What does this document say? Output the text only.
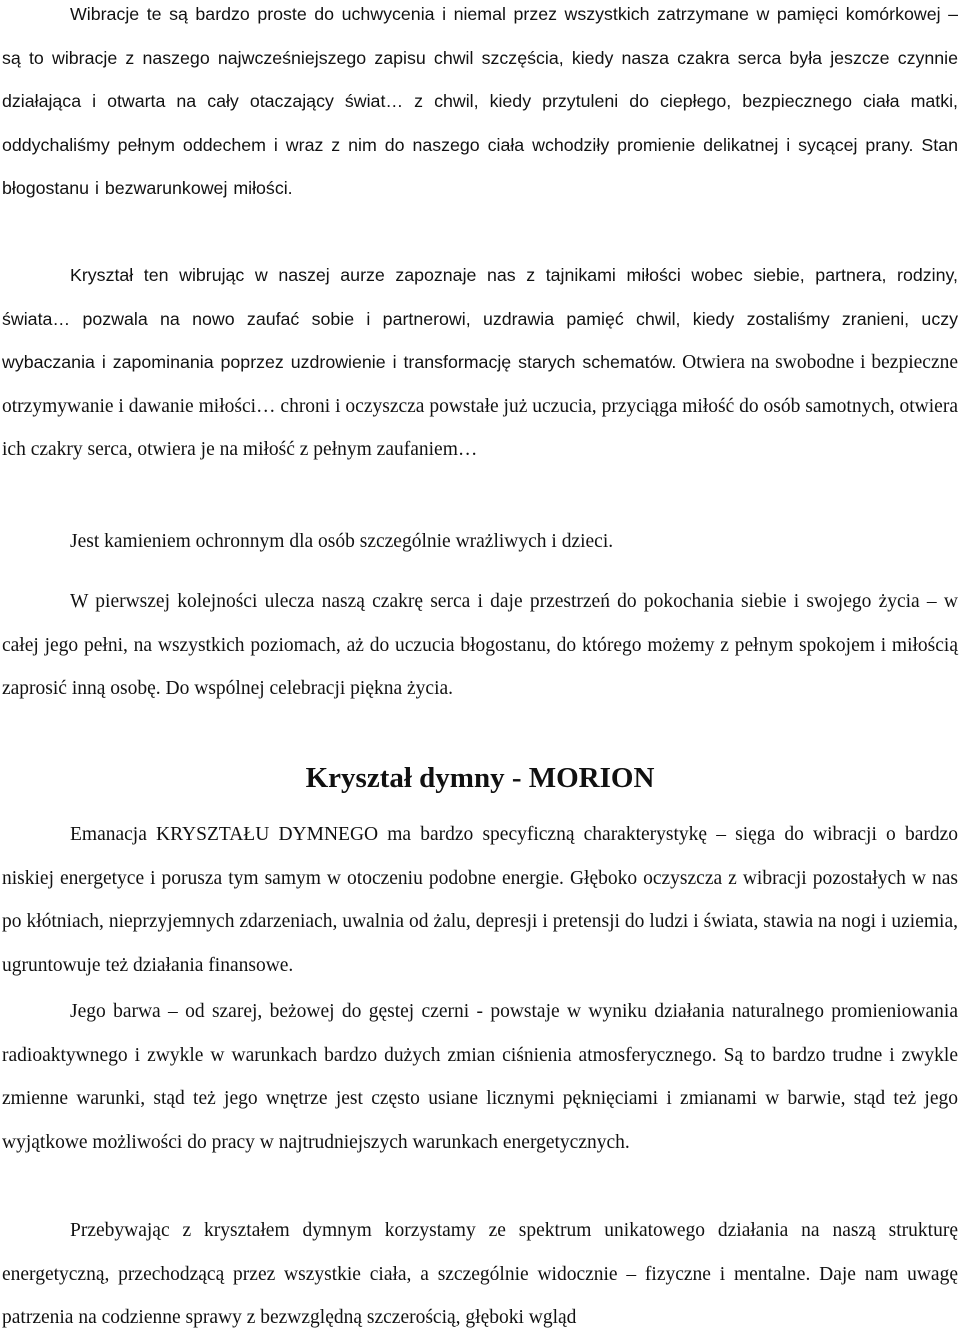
Wibracje te są bardzo proste do uchwycenia i niemal przez wszystkich zatrzymane w pamięci komórkowej – są to wibracje z naszego najwcześniejszego zapisu chwil szczęścia, kiedy nasza czakra serca była jeszcze czynnie działająca i otwarta na cały otaczający świat… z chwil, kiedy przytuleni do ciepłego, bezpiecznego ciała matki, oddychaliśmy pełnym oddechem i wraz z nim do naszego ciała wchodziły promienie delikatnej i sycącej prany. Stan błogostanu i bezwarunkowej miłości.

Kryształ ten wibrując w naszej aurze zapoznaje nas z tajnikami miłości wobec siebie, partnera, rodziny, świata… pozwala na nowo zaufać sobie i partnerowi, uzdrawia pamięć chwil, kiedy zostaliśmy zranieni, uczy wybaczania i zapominania poprzez uzdrowienie i transformację starych schematów. Otwiera na swobodne i bezpieczne otrzymywanie i dawanie miłości… chroni i oczyszcza powstałe już uczucia, przyciąga miłość do osób samotnych, otwiera ich czakry serca, otwiera je na miłość z pełnym zaufaniem…

Jest kamieniem ochronnym dla osób szczególnie wrażliwych i dzieci.

W pierwszej kolejności ulecza naszą czakrę serca i daje przestrzeń do pokochania siebie i swojego życia – w całej jego pełni, na wszystkich poziomach, aż do uczucia błogostanu, do którego możemy z pełnym spokojem i miłością zaprosić inną osobę. Do wspólnej celebracji piękna życia.

Kryształ dymny - MORION

Emanacja KRYSZTAŁU DYMNEGO ma bardzo specyficzną charakterystykę – sięga do wibracji o bardzo niskiej energetyce i porusza tym samym w otoczeniu podobne energie. Głęboko oczyszcza z wibracji pozostałych w nas po kłótniach, nieprzyjemnych zdarzeniach, uwalnia od żalu, depresji i pretensji do ludzi i świata, stawia na nogi i uziemia, ugruntowuje też działania finansowe.

Jego barwa – od szarej, beżowej do gęstej czerni - powstaje w wyniku działania naturalnego promieniowania radioaktywnego i zwykle w warunkach bardzo dużych zmian ciśnienia atmosferycznego. Są to bardzo trudne i zwykle zmienne warunki, stąd też jego wnętrze jest często usiane licznymi pęknięciami i zmianami w barwie, stąd też jego wyjątkowe możliwości do pracy w najtrudniejszych warunkach energetycznych.

Przebywając z kryształem dymnym korzystamy ze spektrum unikatowego działania na naszą strukturę energetyczną, przechodzącą przez wszystkie ciała, a szczególnie widocznie – fizyczne i mentalne. Daje nam uwagę patrzenia na codzienne sprawy z bezwzględną szczerością, głęboki wgląd
